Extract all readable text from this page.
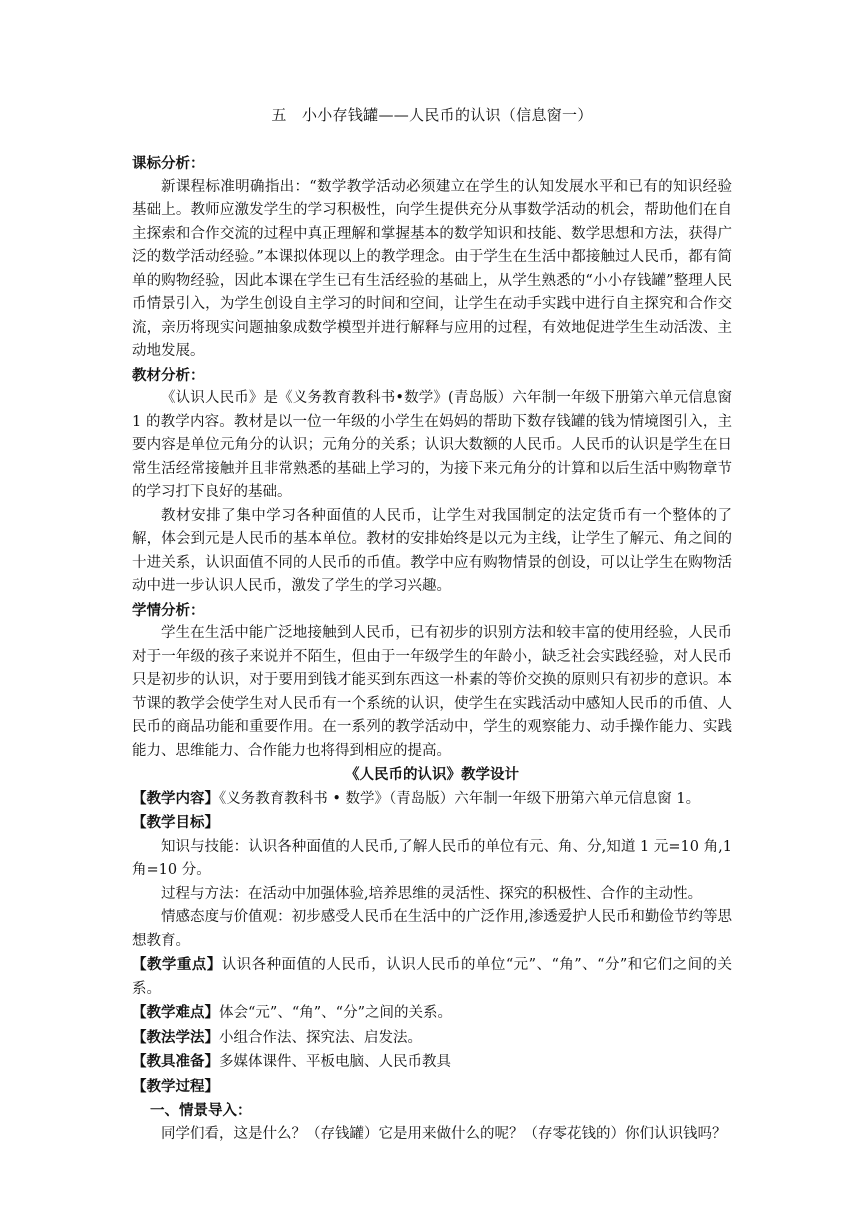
五　小小存钱罐——人民币的认识（信息窗一）

课标分析：

新课程标准明确指出：“数学教学活动必须建立在学生的认知发展水平和已有的知识经验基础上。教师应激发学生的学习积极性，向学生提供充分从事数学活动的机会，帮助他们在自主探索和合作交流的过程中真正理解和掌握基本的数学知识和技能、数学思想和方法，获得广泛的数学活动经验。”本课拟体现以上的教学理念。由于学生在生活中都接触过人民币，都有简单的购物经验，因此本课在学生已有生活经验的基础上，从学生熟悉的“小小存钱罐”整理人民币情景引入，为学生创设自主学习的时间和空间，让学生在动手实践中进行自主探究和合作交流，亲历将现实问题抽象成数学模型并进行解释与应用的过程，有效地促进学生生动活泼、主动地发展。

教材分析：

《认识人民币》是《义务教育教科书•数学》(青岛版）六年制一年级下册第六单元信息窗 1 的教学内容。教材是以一位一年级的小学生在妈妈的帮助下数存钱罐的钱为情境图引入，主要内容是单位元角分的认识；元角分的关系；认识大数额的人民币。人民币的认识是学生在日常生活经常接触并且非常熟悉的基础上学习的，为接下来元角分的计算和以后生活中购物章节的学习打下良好的基础。

教材安排了集中学习各种面值的人民币，让学生对我国制定的法定货币有一个整体的了解，体会到元是人民币的基本单位。教材的安排始终是以元为主线，让学生了解元、角之间的十进关系，认识面值不同的人民币的币值。教学中应有购物情景的创设，可以让学生在购物活动中进一步认识人民币，激发了学生的学习兴趣。

学情分析：

学生在生活中能广泛地接触到人民币，已有初步的识别方法和较丰富的使用经验，人民币对于一年级的孩子来说并不陌生，但由于一年级学生的年龄小，缺乏社会实践经验，对人民币只是初步的认识，对于要用到钱才能买到东西这一朴素的等价交换的原则只有初步的意识。本节课的教学会使学生对人民币有一个系统的认识，使学生在实践活动中感知人民币的币值、人民币的商品功能和重要作用。在一系列的教学活动中，学生的观察能力、动手操作能力、实践能力、思维能力、合作能力也将得到相应的提高。

《人民币的认识》教学设计

【教学内容】《义务教育教科书 • 数学》（青岛版）六年制一年级下册第六单元信息窗 1。

【教学目标】

知识与技能：认识各种面值的人民币,了解人民币的单位有元、角、分,知道 1 元=10 角,1 角=10 分。

过程与方法：在活动中加强体验,培养思维的灵活性、探究的积极性、合作的主动性。

情感态度与价值观：初步感受人民币在生活中的广泛作用,渗透爱护人民币和勤俭节约等思想教育。

【教学重点】认识各种面值的人民币，认识人民币的单位“元”、“角”、“分”和它们之间的关系。

【教学难点】体会“元”、“角”、“分”之间的关系。

【教法学法】小组合作法、探究法、启发法。

【教具准备】多媒体课件、平板电脑、人民币教具

【教学过程】

一、情景导入：

同学们看，这是什么？（存钱罐）它是用来做什么的呢？（存零花钱的）你们认识钱吗？
